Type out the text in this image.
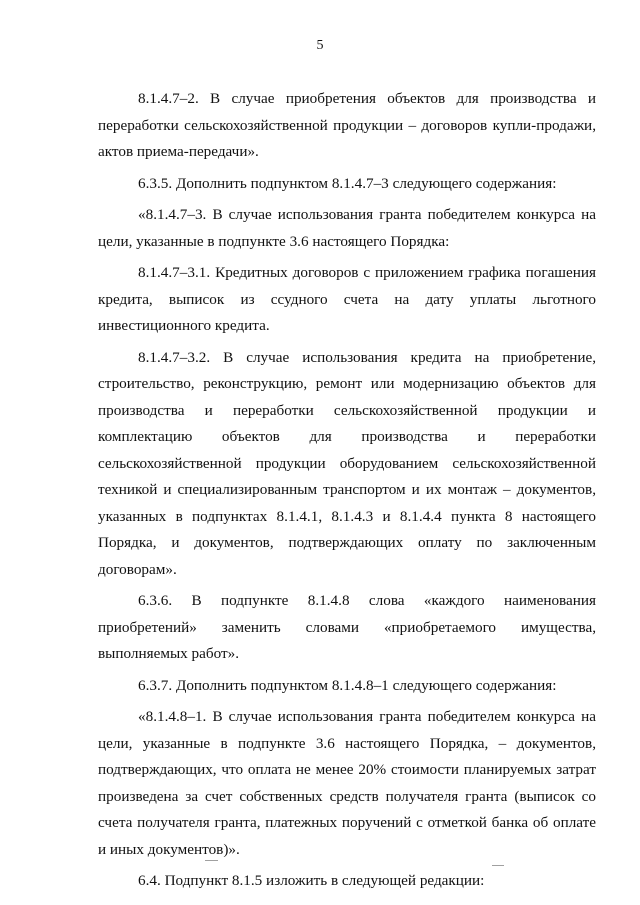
5

8.1.4.7–2. В случае приобретения объектов для производства и переработки сельскохозяйственной продукции – договоров купли-продажи, актов приема-передачи».

6.3.5. Дополнить подпунктом 8.1.4.7–3 следующего содержания:

«8.1.4.7–3. В случае использования гранта победителем конкурса на цели, указанные в подпункте 3.6 настоящего Порядка:

8.1.4.7–3.1. Кредитных договоров с приложением графика погашения кредита, выписок из ссудного счета на дату уплаты льготного инвестиционного кредита.

8.1.4.7–3.2. В случае использования кредита на приобретение, строительство, реконструкцию, ремонт или модернизацию объектов для производства и переработки сельскохозяйственной продукции и комплектацию объектов для производства и переработки сельскохозяйственной продукции оборудованием сельскохозяйственной техникой и специализированным транспортом и их монтаж – документов, указанных в подпунктах 8.1.4.1, 8.1.4.3 и 8.1.4.4 пункта 8 настоящего Порядка, и документов, подтверждающих оплату по заключенным договорам».

6.3.6. В подпункте 8.1.4.8 слова «каждого наименования приобретений» заменить словами «приобретаемого имущества, выполняемых работ».

6.3.7. Дополнить подпунктом 8.1.4.8–1 следующего содержания:

«8.1.4.8–1. В случае использования гранта победителем конкурса на цели, указанные в подпункте 3.6 настоящего Порядка, – документов, подтверждающих, что оплата не менее 20% стоимости планируемых затрат произведена за счет собственных средств получателя гранта (выписок со счета получателя гранта, платежных поручений с отметкой банка об оплате и иных документов)».

6.4. Подпункт 8.1.5 изложить в следующей редакции:
